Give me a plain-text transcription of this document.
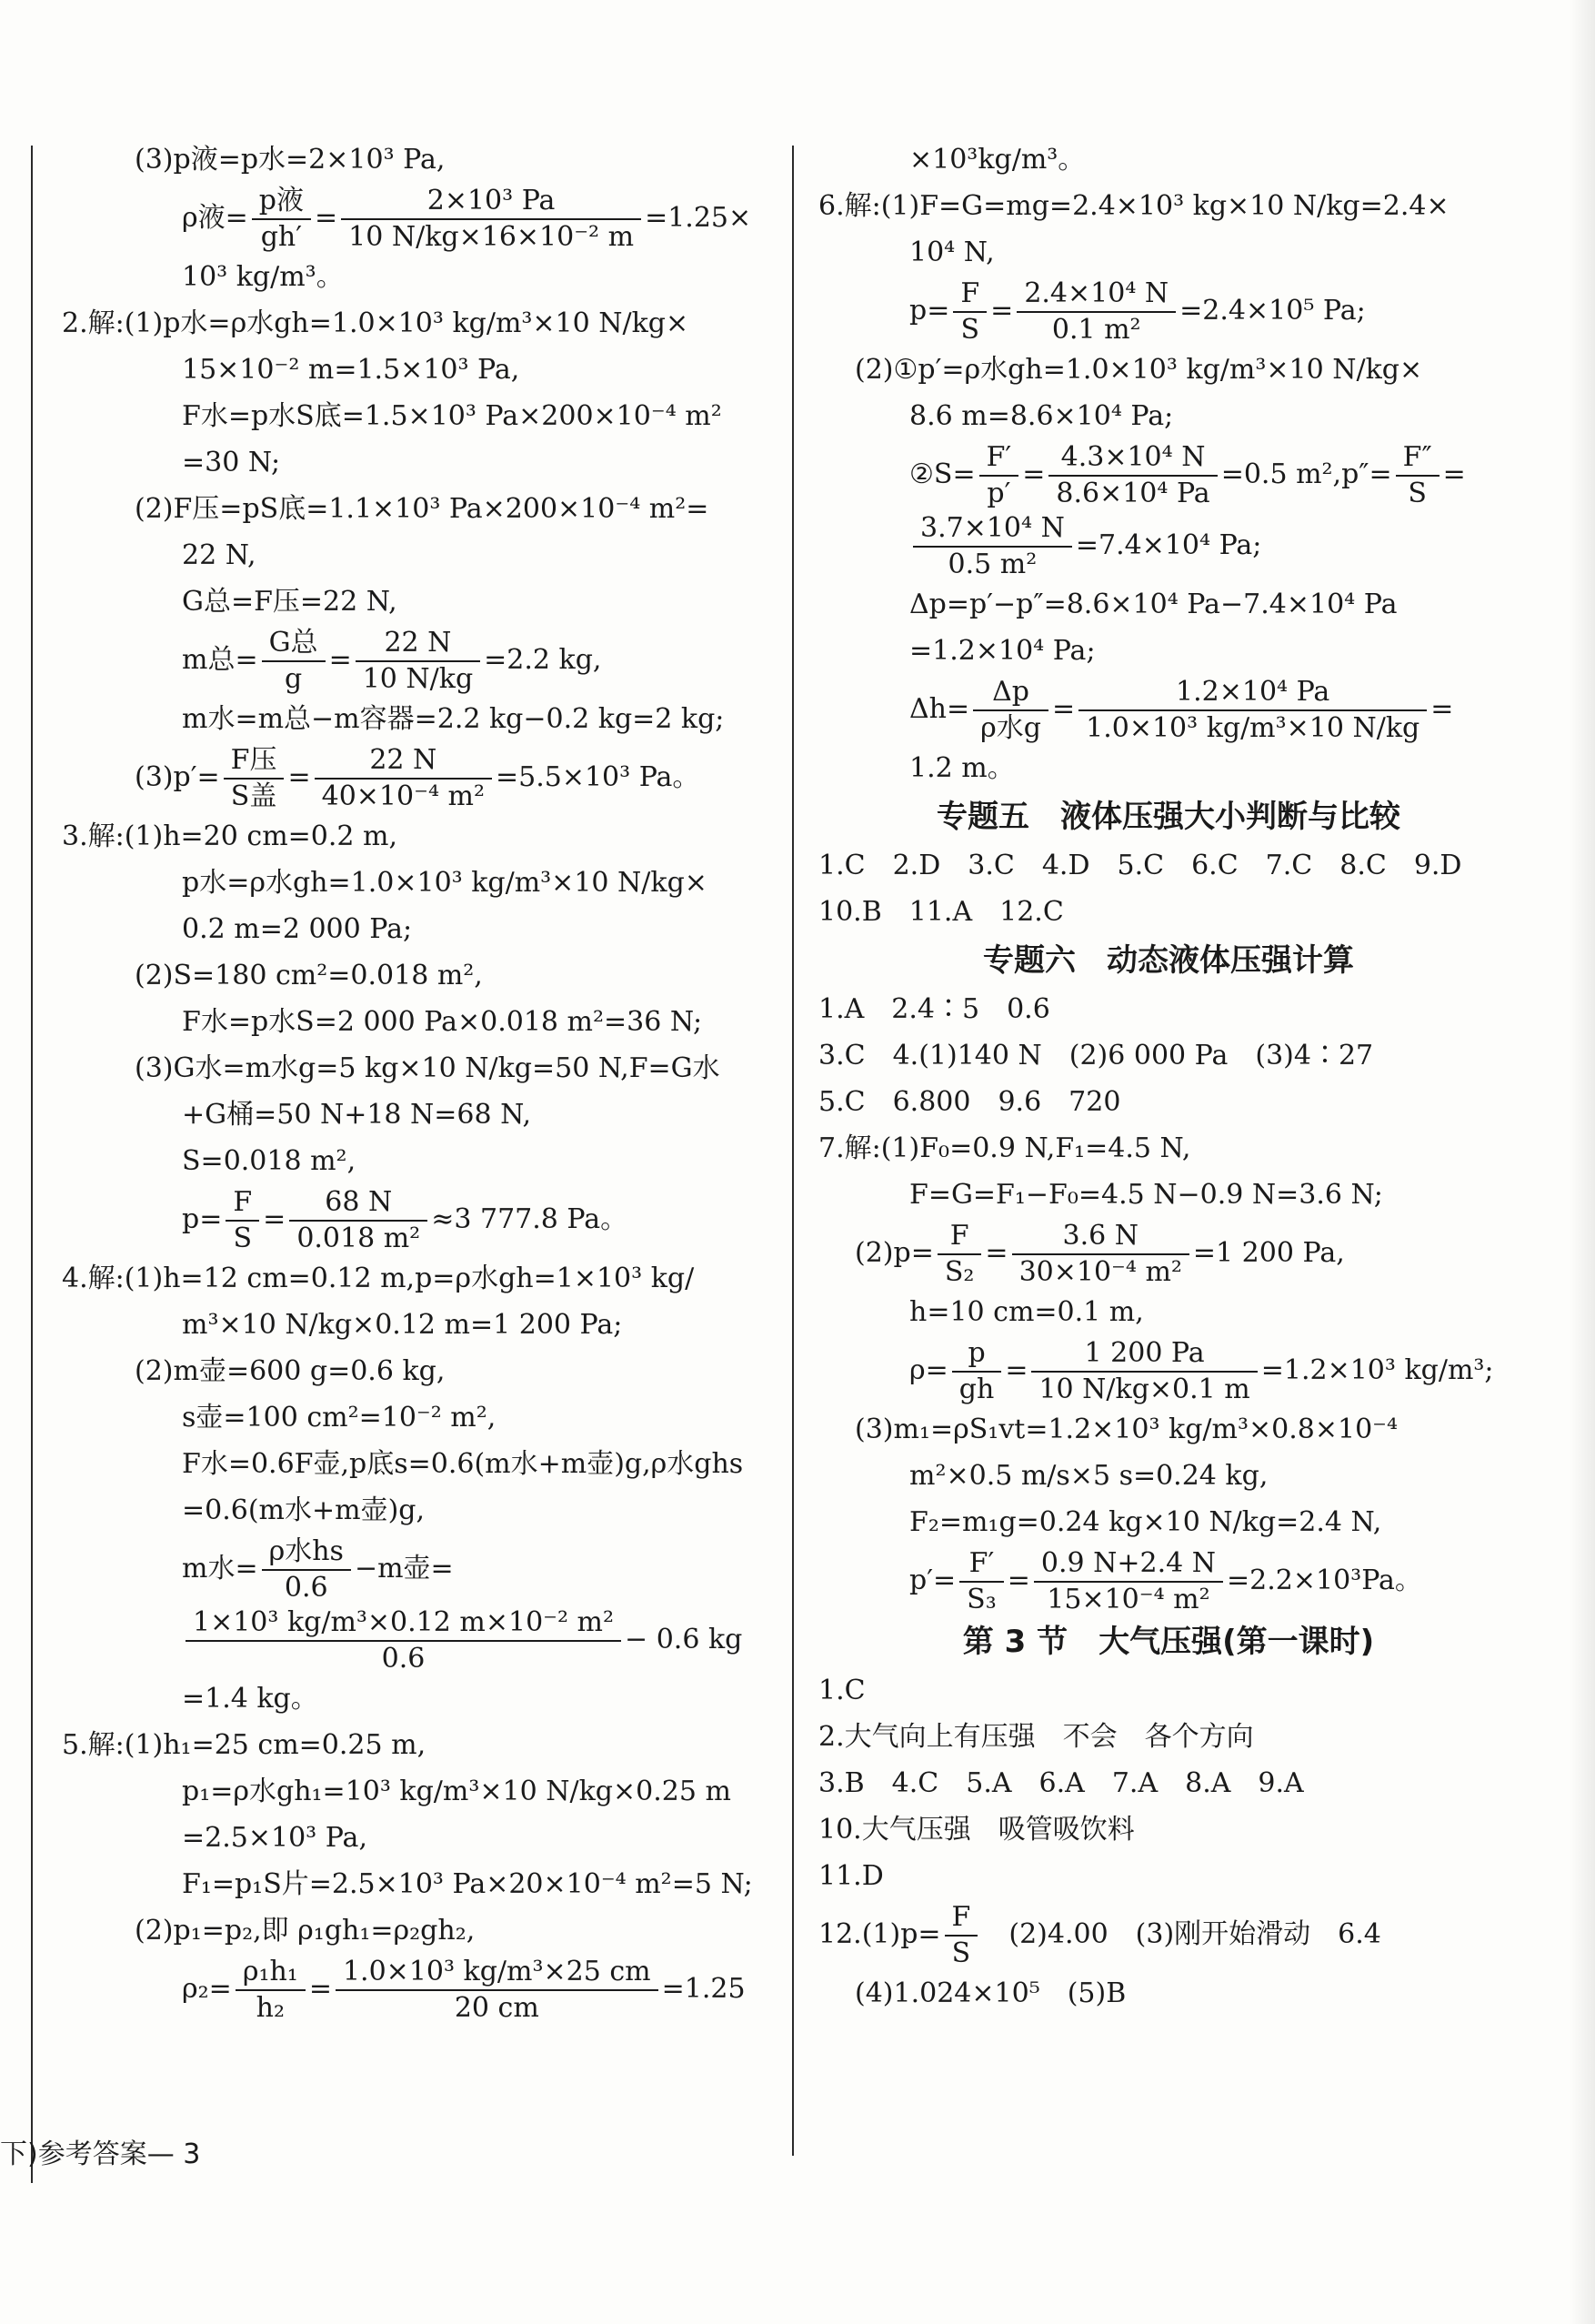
(3)p液=p水=2×10³ Pa,
ρ液= $\frac{\text{p液}}{gh'} = \frac{\text{2×10³ Pa}}{\text{10 N/kg×16×10⁻² m}} =1.25\times$
10³ kg/m³。
2.解:(1)p水=ρ水gh=1.0×10³ kg/m³×10 N/kg×
15×10⁻² m=1.5×10³ Pa,
F水=p水S底=1.5×10³ Pa×200×10⁻⁴ m²
=30 N;
(2)F压=pS底=1.1×10³ Pa×200×10⁻⁴ m²=
22 N,
G总=F压=22 N,
m总= $\frac{\text{G总}}{g} = \frac{22 N}{10 N/kg} =2.2$ kg,
m水=m总−m容器=2.2 kg−0.2 kg=2 kg;
$(3)p'= \frac{\text{F压}}{\text{S盖}} = \frac{22 N}{\text{40×10⁻⁴ m²}} =5.5\times 10^3$ Pa。
3.解:(1)h=20 cm=0.2 m,
p水=ρ水gh=1.0×10³ kg/m³×10 N/kg×
0.2 m=2 000 Pa;
(2)S=180 cm²=0.018 m²,
F水=p水S=2 000 Pa×0.018 m²=36 N;
(3)G水=m水g=5 kg×10 N/kg=50 N,F=G水
+G桶=50 N+18 N=68 N,
S=0.018 m²,
$p= \frac{F}{S} = \frac{68 N}{\text{0.018 m²}} \approx 3$ 777.8 Pa。
4.解:(1)h=12 cm=0.12 m,p=ρ水gh=1×10³ kg/
m³×10 N/kg×0.12 m=1 200 Pa;
(2)m壶=600 g=0.6 kg,
s壶=100 cm²=10⁻² m²,
F水=0.6F壶,p底s=0.6(m水+m壶)g,ρ水ghs
=0.6(m水+m壶)g,
m水= $\frac{\text{ρ水hs}}{0.6} -m$壶=
$\frac{\text{1×10³ kg/m³×0.12 m×10⁻² m²}}{0.6} - 0.6$ kg
=1.4 kg。
5.解:(1)h₁=25 cm=0.25 m,
p₁=ρ水gh₁=10³ kg/m³×10 N/kg×0.25 m
=2.5×10³ Pa,
F₁=p₁S片=2.5×10³ Pa×20×10⁻⁴ m²=5 N;
(2)p₁=p₂,即 ρ₁gh₁=ρ₂gh₂,
$\rho_2= \frac{\text{ρ₁h₁}}{\text{h₂}} = \frac{\text{1.0×10³ kg/m³×25 cm}}{20 cm} =1.25$
×10³kg/m³。
6.解:(1)F=G=mg=2.4×10³ kg×10 N/kg=2.4×
10⁴ N,
$p= \frac{F}{S} = \frac{\text{2.4×10⁴ N}}{\text{0.1 m²}} =2.4\times 10^5$ Pa;
(2)①p′=ρ水gh=1.0×10³ kg/m³×10 N/kg×
8.6 m=8.6×10⁴ Pa;
②S= $\frac{F'}{p'} = \frac{\text{4.3×10⁴ N}}{\text{8.6×10⁴ Pa}} =0.5$ $m^2,p''= \frac{F''}{S}$ =
$\frac{\text{3.7×10⁴ N}}{\text{0.5 m²}} =7.4\times 10^4$ Pa;
Δp=p′−p″=8.6×10⁴ Pa−7.4×10⁴ Pa
=1.2×10⁴ Pa;
$\Delta h= \frac{\Delta p}{\text{ρ水g}} = \frac{\text{1.2×10⁴ Pa}}{\text{1.0×10³ kg/m³×10 N/kg}}$ =
1.2 m。
专题五　液体压强大小判断与比较
1.C　2.D　3.C　4.D　5.C　6.C　7.C　8.C　9.D
10.B　11.A　12.C
专题六　动态液体压强计算
1.A　2.4∶5　0.6
3.C　4.(1)140 N　(2)6 000 Pa　(3)4∶27
5.C　6.800　9.6　720
7.解:(1)F₀=0.9 N,F₁=4.5 N,
F=G=F₁−F₀=4.5 N−0.9 N=3.6 N;
$(2)p= \frac{F}{\text{S₂}} = \frac{3.6 N}{\text{30×10⁻⁴ m²}} =1$ 200 Pa,
h=10 cm=0.1 m,
$\rho= \frac{p}{gh} = \frac{1 200 Pa}{10 N/kg\times 0.1 m} =1.2\times 10^3$ kg/m³;
(3)m₁=ρS₁vt=1.2×10³ kg/m³×0.8×10⁻⁴
m²×0.5 m/s×5 s=0.24 kg,
F₂=m₁g=0.24 kg×10 N/kg=2.4 N,
$p'= \frac{F'}{\text{S₃}} = \frac{0.9 N+2.4 N}{\text{15×10⁻⁴ m²}} =2.2\times 10^3Pa$。
第 3 节　大气压强(第一课时)
1.C
2.大气向上有压强　不会　各个方向
3.B　4.C　5.A　6.A　7.A　8.A　9.A
10.大气压强　吸管吸饮料
11.D
$12.(1)p= \frac{F}{S}$ 　(2)4.00　(3)刚开始滑动　6.4
(4)1.024×10⁵　(5)B
下)参考答案— 3
